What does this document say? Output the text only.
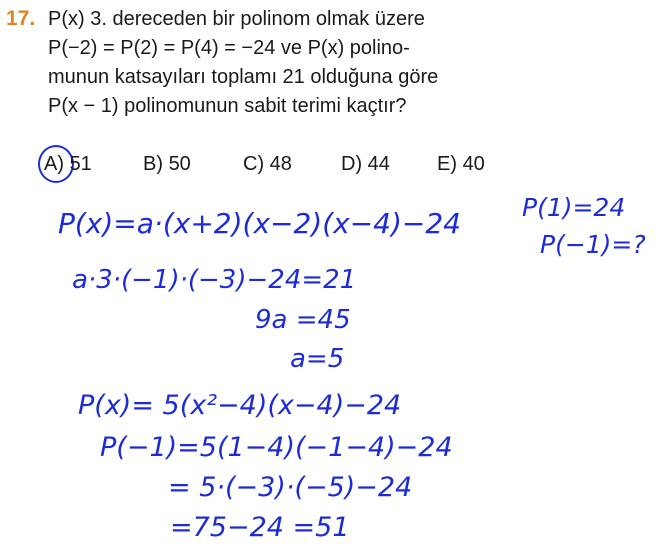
17. P(x) 3. dereceden bir polinom olmak üzere
P(−2) = P(2) = P(4) = −24 ve P(x) polino-
munun katsayıları toplamı 21 olduğuna göre
P(x − 1) polinomunun sabit terimi kaçtır?
A) 51	B) 50	C) 48 D) 44 E) 40
P(1)=24
P(−1)=?
P(x)=a·(x+2)(x−2)(x−4)−24
a·3·(−1)·(−3)−24=21
9a =45
a=5
P(x)= 5(x²−4)(x−4)−24
P(−1)=5(1−4)(−1−4)−24
= 5·(−3)·(−5)−24
=75−24 =51
